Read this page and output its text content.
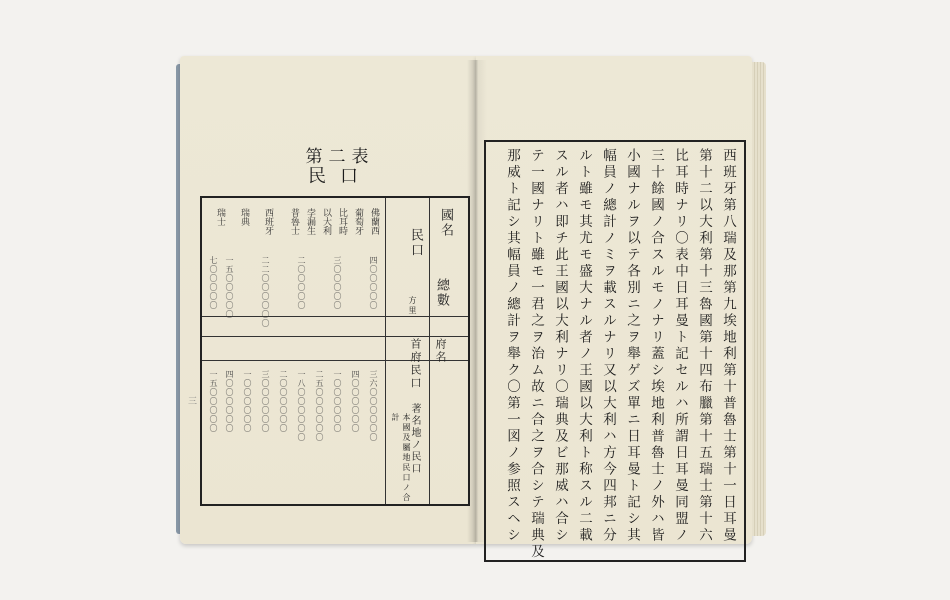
第二表
民口
三
國名
民口
總數
府名
首府民口
著名地ノ民口
本國及屬地民口ノ合計
方里
佛蘭西
葡萄牙
比耳時
以大利
孛漏生
普魯士
西班牙
瑞典
瑞士
三六〇〇〇〇〇〇
四〇〇〇〇〇〇
一〇〇〇〇〇〇
二五〇〇〇〇〇〇
一八〇〇〇〇〇〇
二〇〇〇〇〇〇
三〇〇〇〇〇〇
一〇〇〇〇〇〇
四〇〇〇〇〇〇
一五〇〇〇〇〇
四〇〇〇〇〇
三〇〇〇〇〇
二〇〇〇〇〇
二二〇〇〇〇〇〇
一五〇〇〇〇〇
七〇〇〇〇〇	西班牙第八瑞及那第九埃地利第十普魯士第十一日耳曼
第十二以大利第十三魯國第十四布臘第十五瑞士第十六
比耳時ナリ〇表中日耳曼ト記セルハ所謂日耳曼同盟ノ
三十餘國ノ合スルモノナリ蓋シ埃地利普魯士ノ外ハ皆
小國ナルヲ以テ各別ニ之ヲ舉ゲズ單ニ日耳曼ト記シ其
幅員ノ總計ノミヲ載スルナリ又以大利ハ方今四邦ニ分
ルト雖モ其尤モ盛大ナル者ノ王國以大利ト称スル二載
スル者ハ即チ此王國以大利ナリ〇瑞典及ビ那威ハ合シ
テ一國ナリト雖モ一君之ヲ治ム故ニ合之ヲ合シテ瑞典及
那威ト記シ其幅員ノ總計ヲ舉ク〇第一図ノ参照スヘシ
